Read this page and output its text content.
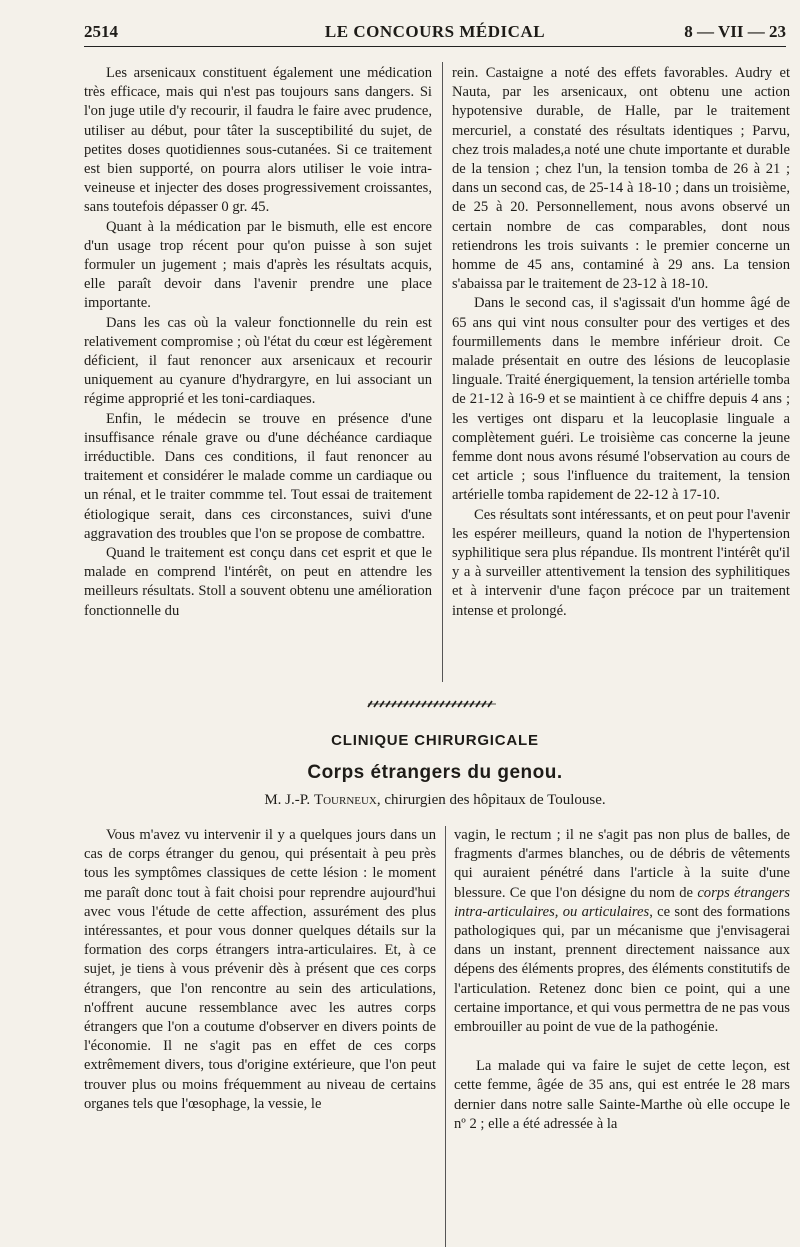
2514	LE CONCOURS MÉDICAL	8 — VII — 23

Les arsenicaux constituent également une médication très efficace, mais qui n'est pas toujours sans dangers. Si l'on juge utile d'y recourir, il faudra le faire avec prudence, utiliser au début, pour tâter la susceptibilité du sujet, de petites doses quotidiennes sous-cutanées. Si ce traitement est bien supporté, on pourra alors utiliser le voie intra-veineuse et injecter des doses progressivement croissantes, sans toutefois dépasser 0 gr. 45.

Quant à la médication par le bismuth, elle est encore d'un usage trop récent pour qu'on puisse à son sujet formuler un jugement ; mais d'après les résultats acquis, elle paraît devoir dans l'avenir prendre une place importante.

Dans les cas où la valeur fonctionnelle du rein est relativement compromise ; où l'état du cœur est légèrement déficient, il faut renoncer aux arsenicaux et recourir uniquement au cyanure d'hydrargyre, en lui associant un régime approprié et les toni-cardiaques.

Enfin, le médecin se trouve en présence d'une insuffisance rénale grave ou d'une déchéance cardiaque irréductible. Dans ces conditions, il faut renoncer au traitement et considérer le malade comme un cardiaque ou un rénal, et le traiter commme tel. Tout essai de traitement étiologique serait, dans ces circonstances, suivi d'une aggravation des troubles que l'on se propose de combattre.

Quand le traitement est conçu dans cet esprit et que le malade en comprend l'intérêt, on peut en attendre les meilleurs résultats. Stoll a souvent obtenu une amélioration fonctionnelle du

rein. Castaigne a noté des effets favorables. Audry et Nauta, par les arsenicaux, ont obtenu une action hypotensive durable, de Halle, par le traitement mercuriel, a constaté des résultats identiques ; Parvu, chez trois malades,a noté une chute importante et durable de la tension ; chez l'un, la tension tomba de 26 à 21 ; dans un second cas, de 25-14 à 18-10 ; dans un troisième, de 25 à 20. Personnellement, nous avons observé un certain nombre de cas comparables, dont nous retiendrons les trois suivants : le premier concerne un homme de 45 ans, contaminé à 29 ans. La tension s'abaissa par le traitement de 23-12 à 18-10.

Dans le second cas, il s'agissait d'un homme âgé de 65 ans qui vint nous consulter pour des vertiges et des fourmillements dans le membre inférieur droit. Ce malade présentait en outre des lésions de leucoplasie linguale. Traité énergiquement, la tension artérielle tomba de 21-12 à 16-9 et se maintient à ce chiffre depuis 4 ans ; les vertiges ont disparu et la leucoplasie linguale a complètement guéri. Le troisième cas concerne la jeune femme dont nous avons résumé l'observation au cours de cet article ; sous l'influence du traitement, la tension artérielle tomba rapidement de 22-12 à 17-10.

Ces résultats sont intéressants, et on peut pour l'avenir les espérer meilleurs, quand la notion de l'hypertension syphilitique sera plus répandue. Ils montrent l'intérêt qu'il y a à surveiller attentivement la tension des syphilitiques et à intervenir d'une façon précoce par un traitement intense et prolongé.

CLINIQUE CHIRURGICALE
Corps étrangers du genou.
M. J.-P. Tourneux, chirurgien des hôpitaux de Toulouse.

Vous m'avez vu intervenir il y a quelques jours dans un cas de corps étranger du genou, qui présentait à peu près tous les symptômes classiques de cette lésion : le moment me paraît donc tout à fait choisi pour reprendre aujourd'hui avec vous l'étude de cette affection, assurément des plus intéressantes, et pour vous donner quelques détails sur la formation des corps étrangers intra-articulaires. Et, à ce sujet, je tiens à vous prévenir dès à présent que ces corps étrangers, que l'on rencontre au sein des articulations, n'offrent aucune ressemblance avec les autres corps étrangers que l'on a coutume d'observer en divers points de l'économie. Il ne s'agit pas en effet de ces corps extrêmement divers, tous d'origine extérieure, que l'on peut trouver plus ou moins fréquemment au niveau de certains organes tels que l'œsophage, la vessie, le

vagin, le rectum ; il ne s'agit pas non plus de balles, de fragments d'armes blanches, ou de débris de vêtements qui auraient pénétré dans l'article à la suite d'une blessure. Ce que l'on désigne du nom de corps étrangers intra-articulaires, ou articulaires, ce sont des formations pathologiques qui, par un mécanisme que j'envisagerai dans un instant, prennent directement naissance aux dépens des éléments propres, des éléments constitutifs de l'articulation. Retenez donc bien ce point, qui a une certaine importance, et qui vous permettra de ne pas vous embrouiller au point de vue de la pathogénie.

La malade qui va faire le sujet de cette leçon, est cette femme, âgée de 35 ans, qui est entrée le 28 mars dernier dans notre salle Sainte-Marthe où elle occupe le nº 2 ; elle a été adressée à la
